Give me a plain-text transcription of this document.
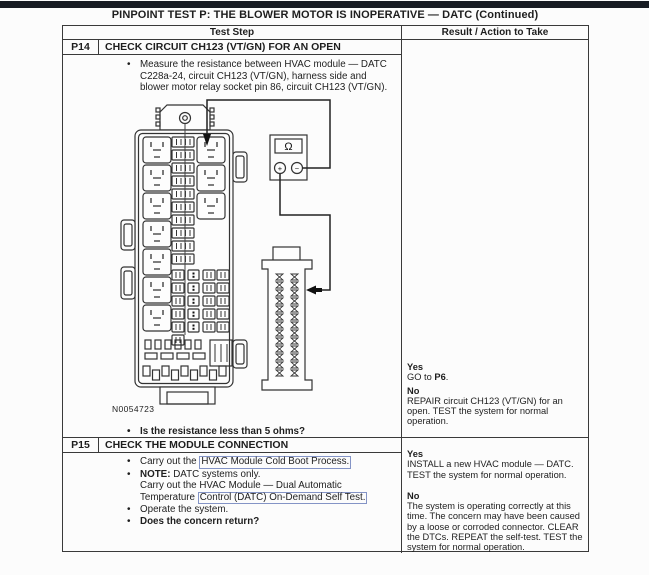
PINPOINT TEST P: THE BLOWER MOTOR IS INOPERATIVE — DATC (Continued)
Test Step	Result / Action to Take
P14	CHECK CIRCUIT CH123 (VT/GN) FOR AN OPEN
• Measure the resistance between HVAC module — DATC C228a-24, circuit CH123 (VT/GN), harness side and blower motor relay socket pin 86, circuit CH123 (VT/GN).
Ω
+ −
N0054723
• Is the resistance less than 5 ohms?
Yes
GO to P6.
No
REPAIR circuit CH123 (VT/GN) for an open. TEST the system for normal operation.
P15	CHECK THE MODULE CONNECTION
• Carry out the HVAC Module Cold Boot Process.
• NOTE: DATC systems only.
Carry out the HVAC Module — Dual Automatic Temperature Control (DATC) On-Demand Self Test.
• Operate the system.
• Does the concern return?
Yes
INSTALL a new HVAC module — DATC. TEST the system for normal operation.
No
The system is operating correctly at this time. The concern may have been caused by a loose or corroded connector. CLEAR the DTCs. REPEAT the self-test. TEST the system for normal operation.
